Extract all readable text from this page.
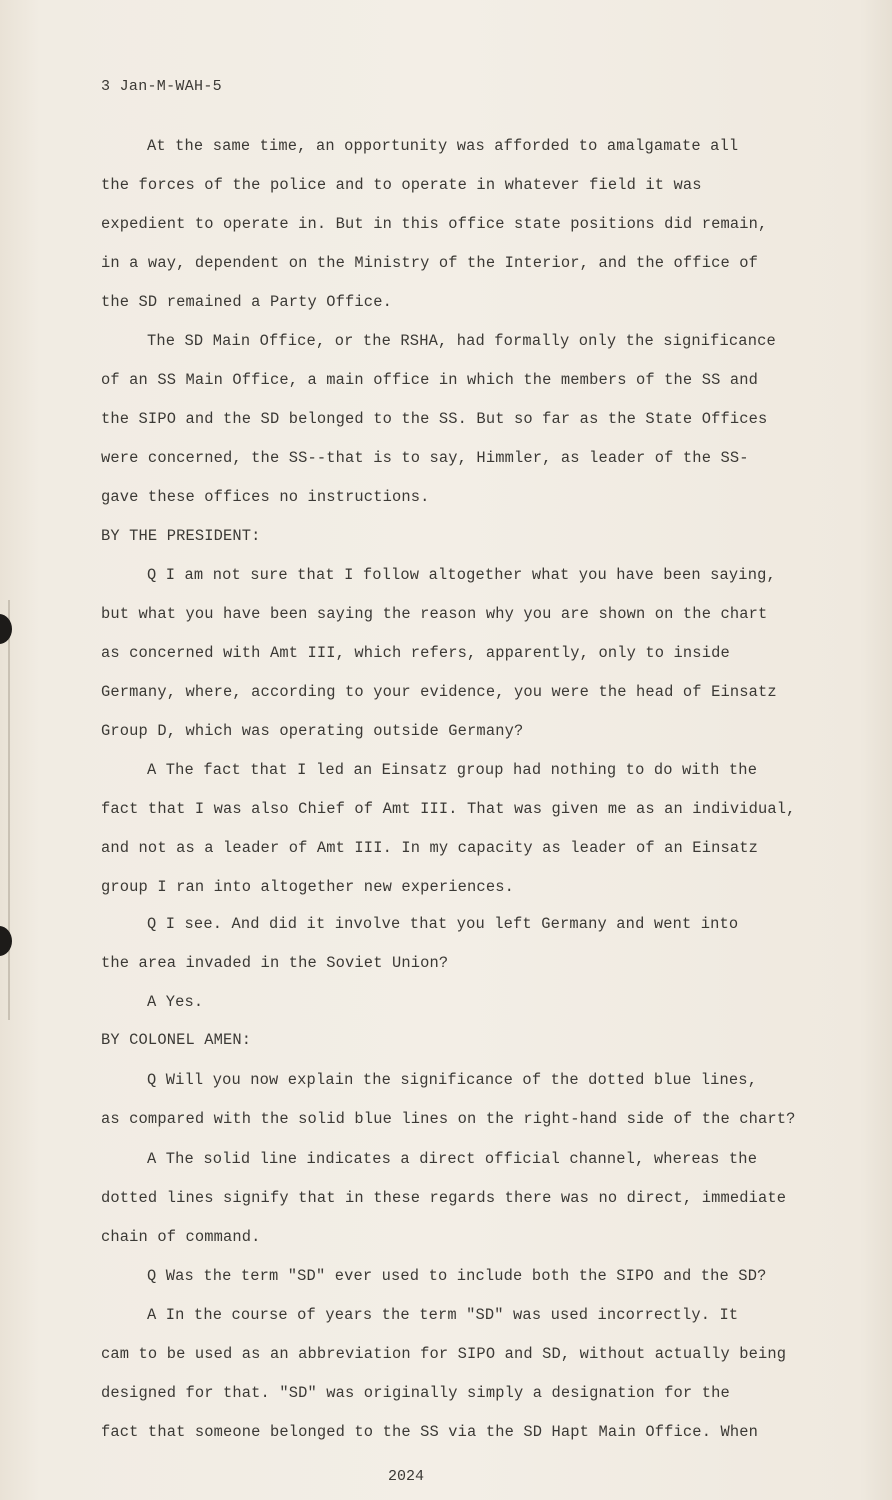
3 Jan-M-WAH-5
At the same time, an opportunity was afforded to amalgamate all
the forces of the police and to operate in whatever field it was
expedient to operate in. But in this office state positions did remain,
in a way, dependent on the Ministry of the Interior, and the office of
the SD remained a Party Office.
The SD Main Office, or the RSHA, had formally only the significance
of an SS Main Office, a main office in which the members of the SS and
the SIPO and the SD belonged to the SS. But so far as the State Offices
were concerned, the SS--that is to say, Himmler, as leader of the SS-
gave these offices no instructions.
BY THE PRESIDENT:
Q I am not sure that I follow altogether what you have been saying,
but what you have been saying the reason why you are shown on the chart
as concerned with Amt III, which refers, apparently, only to inside
Germany, where, according to your evidence, you were the head of Einsatz
Group D, which was operating outside Germany?
A The fact that I led an Einsatz group had nothing to do with the
fact that I was also Chief of Amt III. That was given me as an individual,
and not as a leader of Amt III. In my capacity as leader of an Einsatz
group I ran into altogether new experiences.
Q I see. And did it involve that you left Germany and went into
the area invaded in the Soviet Union?
A Yes.
BY COLONEL AMEN:
Q Will you now explain the significance of the dotted blue lines,
as compared with the solid blue lines on the right-hand side of the chart?
A The solid line indicates a direct official channel, whereas the
dotted lines signify that in these regards there was no direct, immediate
chain of command.
Q Was the term "SD" ever used to include both the SIPO and the SD?
A In the course of years the term "SD" was used incorrectly. It
cam to be used as an abbreviation for SIPO and SD, without actually being
designed for that. "SD" was originally simply a designation for the
fact that someone belonged to the SS via the SD Hapt Main Office. When
2024
